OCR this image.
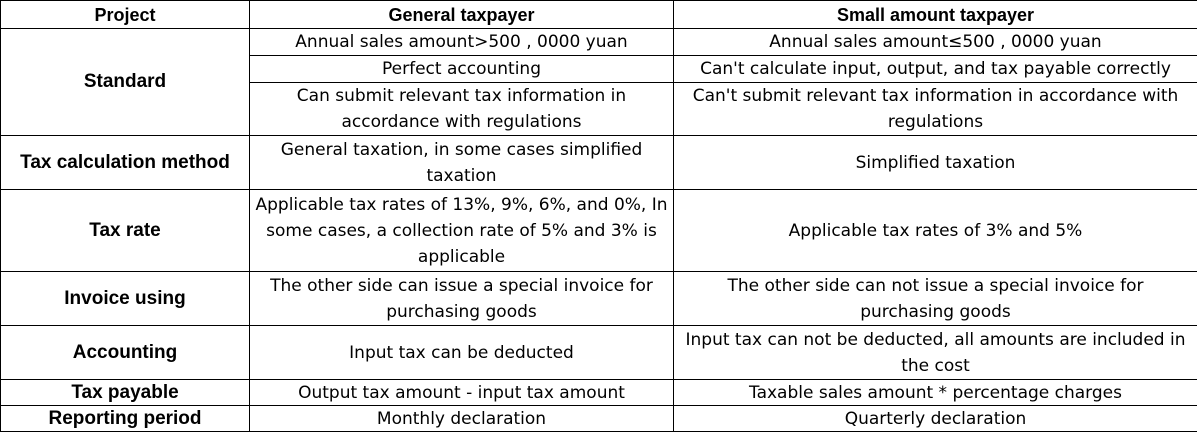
Project	General taxpayer	Small amount taxpayer
Standard	Annual sales amount>500 , 0000 yuan	Annual sales amount≤500 , 0000 yuan
	Perfect accounting	Can't calculate input, output, and tax payable correctly
	Can submit relevant tax information in accordance with regulations	Can't submit relevant tax information in accordance with regulations
Tax calculation method	General taxation, in some cases simplified taxation	Simplified taxation
Tax rate	Applicable tax rates of 13%, 9%, 6%, and 0%, In some cases, a collection rate of 5% and 3% is applicable	Applicable tax rates of 3% and 5%
Invoice using	The other side can issue a special invoice for purchasing goods	The other side can not issue a special invoice for purchasing goods
Accounting	Input tax can be deducted	Input tax can not be deducted, all amounts are included in the cost
Tax payable	Output tax amount - input tax amount	Taxable sales amount * percentage charges
Reporting period	Monthly declaration	Quarterly declaration
